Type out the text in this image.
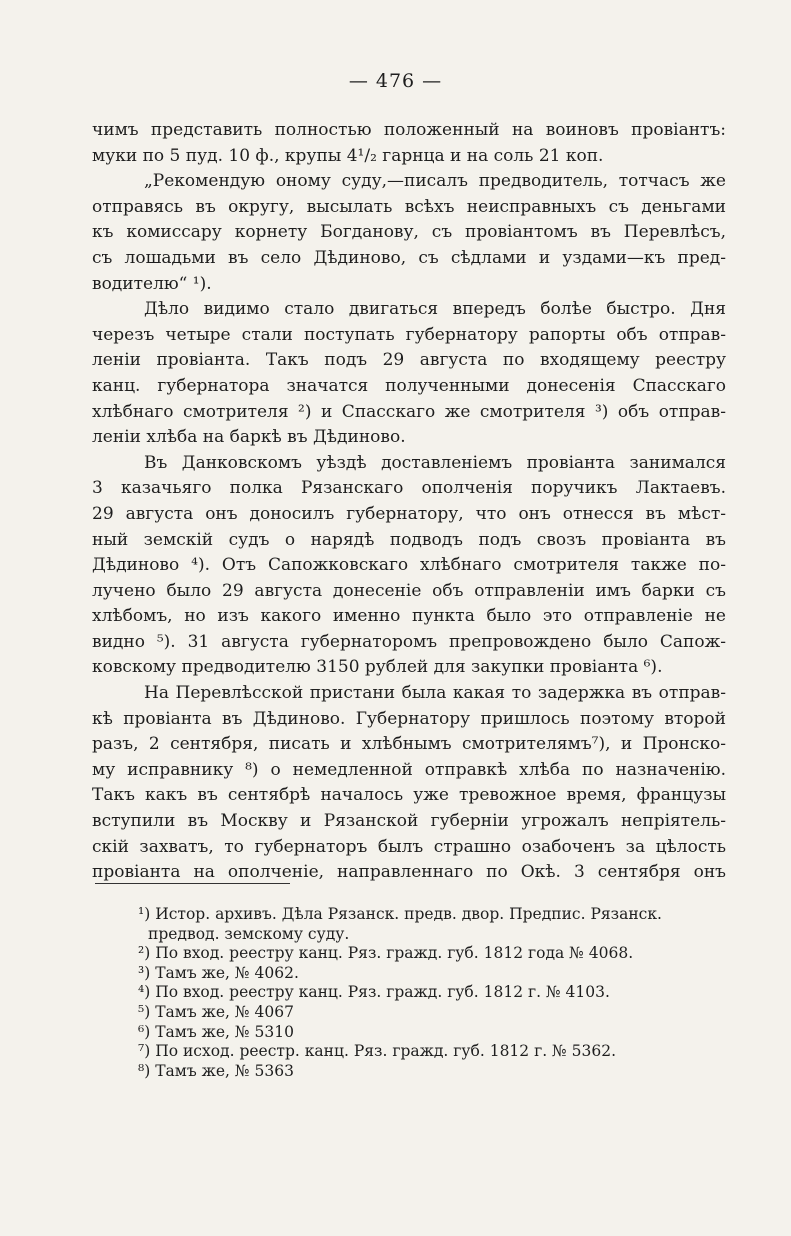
— 476 —
чимъ представить полностью положенный на воиновъ провіантъ:
муки по 5 пуд. 10 ф., крупы 4¹/₂ гарнца и на соль 21 коп.
„Рекомендую оному суду,—писалъ предводитель, тотчасъ же
отправясь въ округу, высылать всѣхъ неисправныхъ съ деньгами
къ комиссару корнету Богданову, съ провіантомъ въ Перевлѣсъ,
съ лошадьми въ село Дѣдиново, съ сѣдлами и уздами—къ пред-
водителю“ ¹).
Дѣло видимо стало двигаться впередъ болѣе быстро. Дня
черезъ четыре стали поступать губернатору рапорты объ отправ-
леніи провіанта. Такъ подъ 29 августа по входящему реестру
канц. губернатора значатся полученными донесенія Спасскаго
хлѣбнаго смотрителя ²) и Спасскаго же смотрителя ³) объ отправ-
леніи хлѣба на баркѣ въ Дѣдиново.
Въ Данковскомъ уѣздѣ доставленіемъ провіанта занимался
3 казачьяго полка Рязанскаго ополченія поручикъ Лактаевъ.
29 августа онъ доносилъ губернатору, что онъ отнесся въ мѣст-
ный земскій судъ о нарядѣ подводъ подъ свозъ провіанта въ
Дѣдиново ⁴). Отъ Сапожковскаго хлѣбнаго смотрителя также по-
лучено было 29 августа донесеніе объ отправленіи имъ барки съ
хлѣбомъ, но изъ какого именно пункта было это отправленіе не
видно ⁵). 31 августа губернаторомъ препровождено было Сапож-
ковскому предводителю 3150 рублей для закупки провіанта ⁶).
На Перевлѣсской пристани была какая то задержка въ отправ-
кѣ провіанта въ Дѣдиново. Губернатору пришлось поэтому второй
разъ, 2 сентября, писать и хлѣбнымъ смотрителямъ⁷), и Пронско-
му исправнику ⁸) о немедленной отправкѣ хлѣба по назначенію.
Такъ какъ въ сентябрѣ началось уже тревожное время, французы
вступили въ Москву и Рязанской губерніи угрожалъ непріятель-
скій захватъ, то губернаторъ былъ страшно озабоченъ за цѣлость
провіанта на ополченіе, направленнаго по Окѣ. 3 сентября онъ
¹) Истор. архивъ. Дѣла Рязанск. предв. двор. Предпис. Рязанск.
предвод. земскому суду.
²) По вход. реестру канц. Ряз. гражд. губ. 1812 года № 4068.
³) Тамъ же, № 4062.
⁴) По вход. реестру канц. Ряз. гражд. губ. 1812 г. № 4103.
⁵) Тамъ же, № 4067
⁶) Тамъ же, № 5310
⁷) По исход. реестр. канц. Ряз. гражд. губ. 1812 г. № 5362.
⁸) Тамъ же, № 5363
